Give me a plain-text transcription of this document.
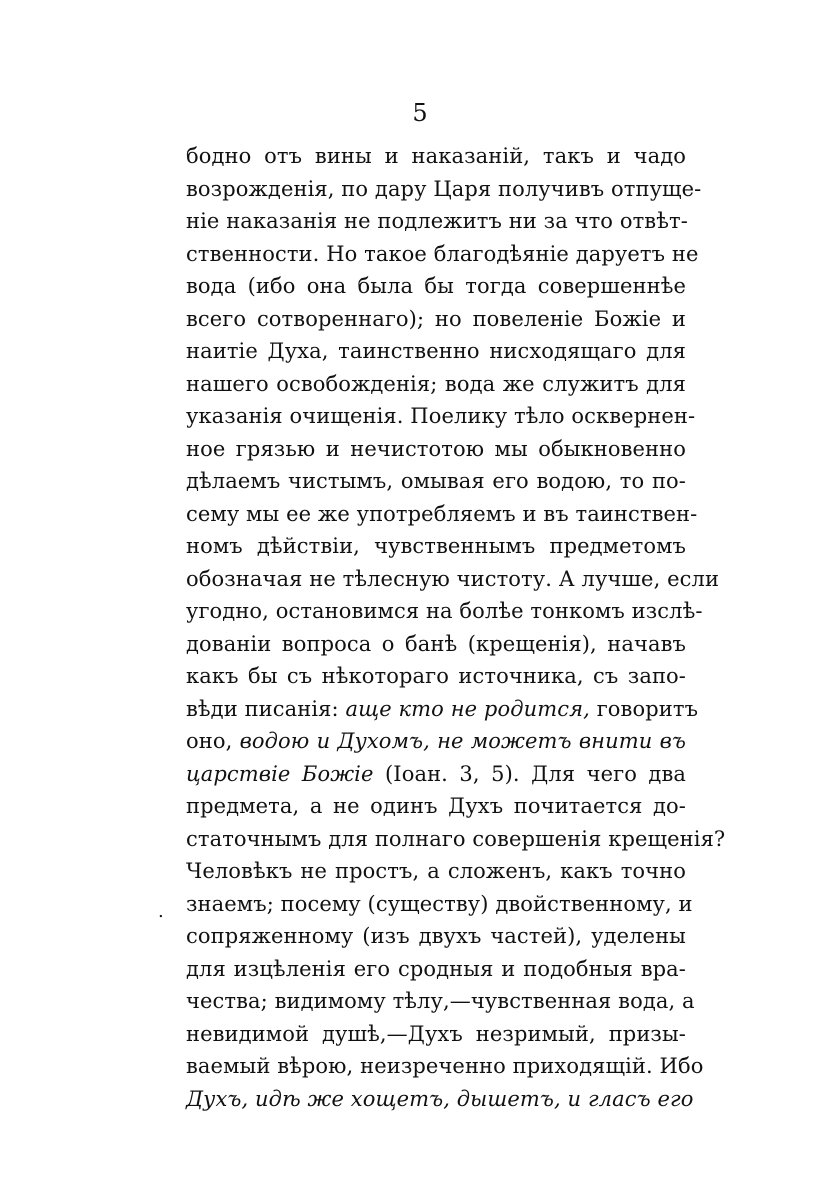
5
.
бодно отъ вины и наказаній, такъ и чадо
возрожденія, по дару Царя получивъ отпуще-
ніе наказанія не подлежитъ ни за что отвѣт-
ственности. Но такое благодѣяніе даруетъ не
вода (ибо она была бы тогда совершеннѣе
всего сотвореннаго); но повеленіе Божіе и
наитіе Духа, таинственно нисходящаго для
нашего освобожденія; вода же служитъ для
указанія очищенія. Поелику тѣло осквернен-
ное грязью и нечистотою мы обыкновенно
дѣлаемъ чистымъ, омывая его водою, то по-
сему мы ее же употребляемъ и въ таинствен-
номъ дѣйствіи, чувственнымъ предметомъ
обозначая не тѣлесную чистоту. А лучше, если
угодно, остановимся на болѣе тонкомъ изслѣ-
дованіи вопроса о банѣ (крещенія), начавъ
какъ бы съ нѣкотораго источника, съ запо-
вѣди писанія: аще кто не родится, говоритъ
оно, водою и Духомъ, не можетъ внити въ
царствіе Божіе (Іоан. 3, 5). Для чего два
предмета, а не одинъ Духъ почитается до-
статочнымъ для полнаго совершенія крещенія?
Человѣкъ не простъ, а сложенъ, какъ точно
знаемъ; посему (существу) двойственному, и
сопряженному (изъ двухъ частей), уделены
для изцѣленія его сродныя и подобныя вра-
чества; видимому тѣлу,—чувственная вода, а
невидимой душѣ,—Духъ незримый, призы-
ваемый вѣрою, неизреченно приходящій. Ибо
Духъ, идѣ же хощетъ, дышетъ, и гласъ его
